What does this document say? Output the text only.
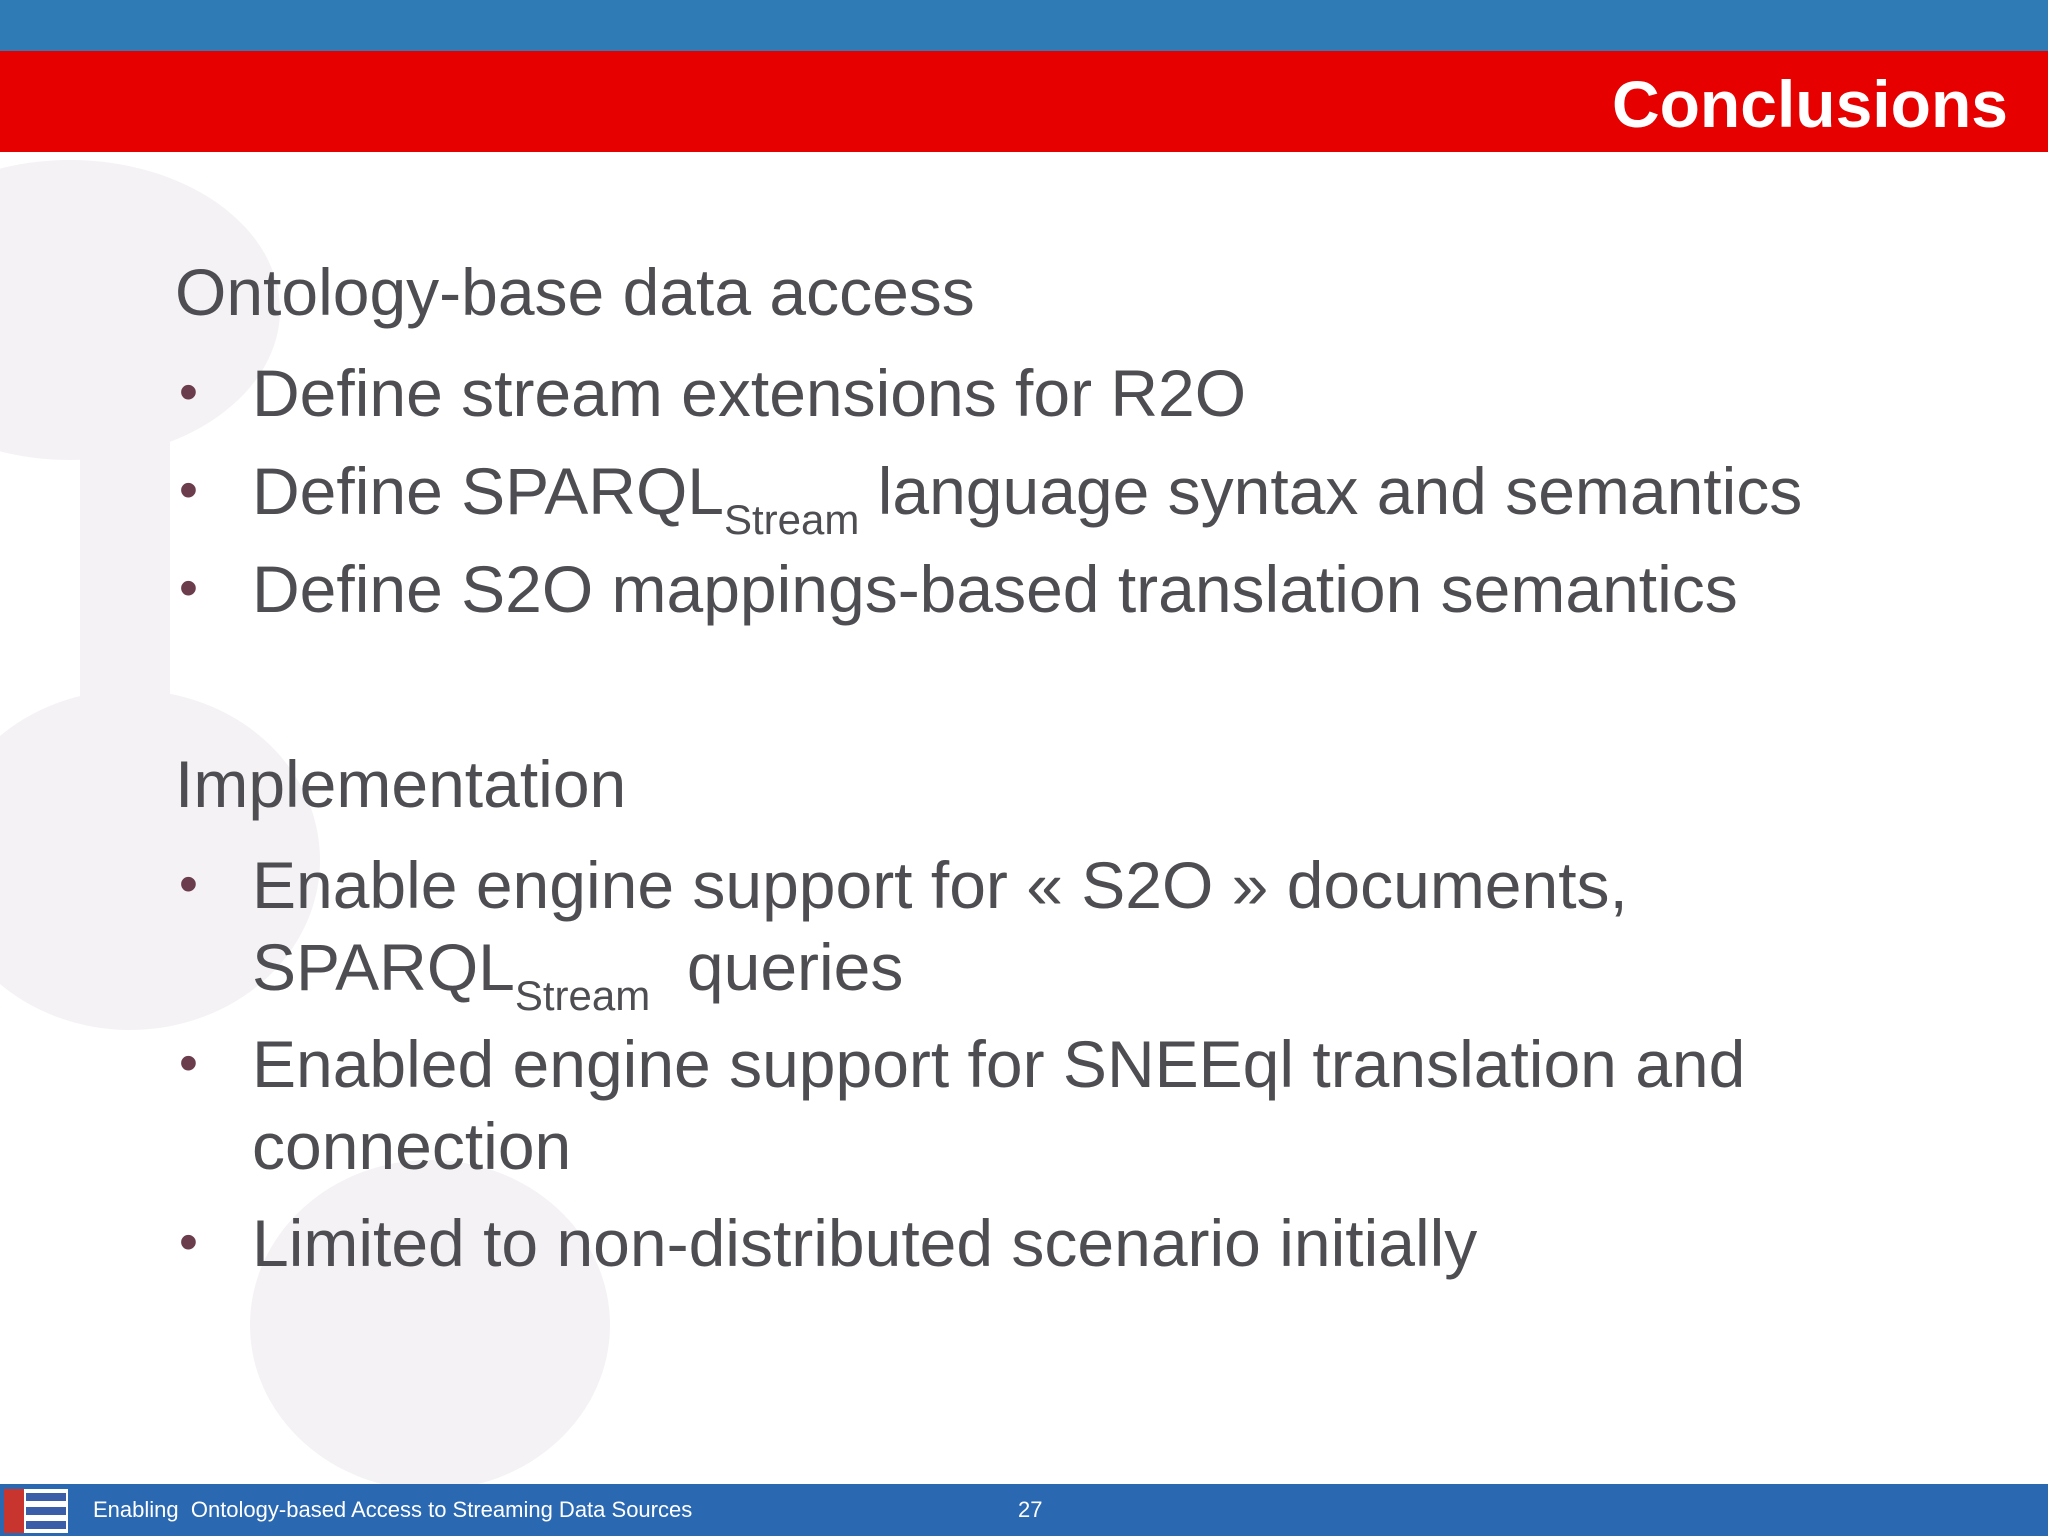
Conclusions
Ontology-base data access
• Define stream extensions for R2O
• Define $SPARQL_{Stream}$ language syntax and semantics
• Define S2O mappings-based translation semantics
Implementation
• Enable engine support for « S2O » documents,
$SPARQL_{Stream}$  queries
• Enabled engine support for SNEEql translation and
connection
• Limited to non-distributed scenario initially
Enabling  Ontology-based Access to Streaming Data Sources	27
